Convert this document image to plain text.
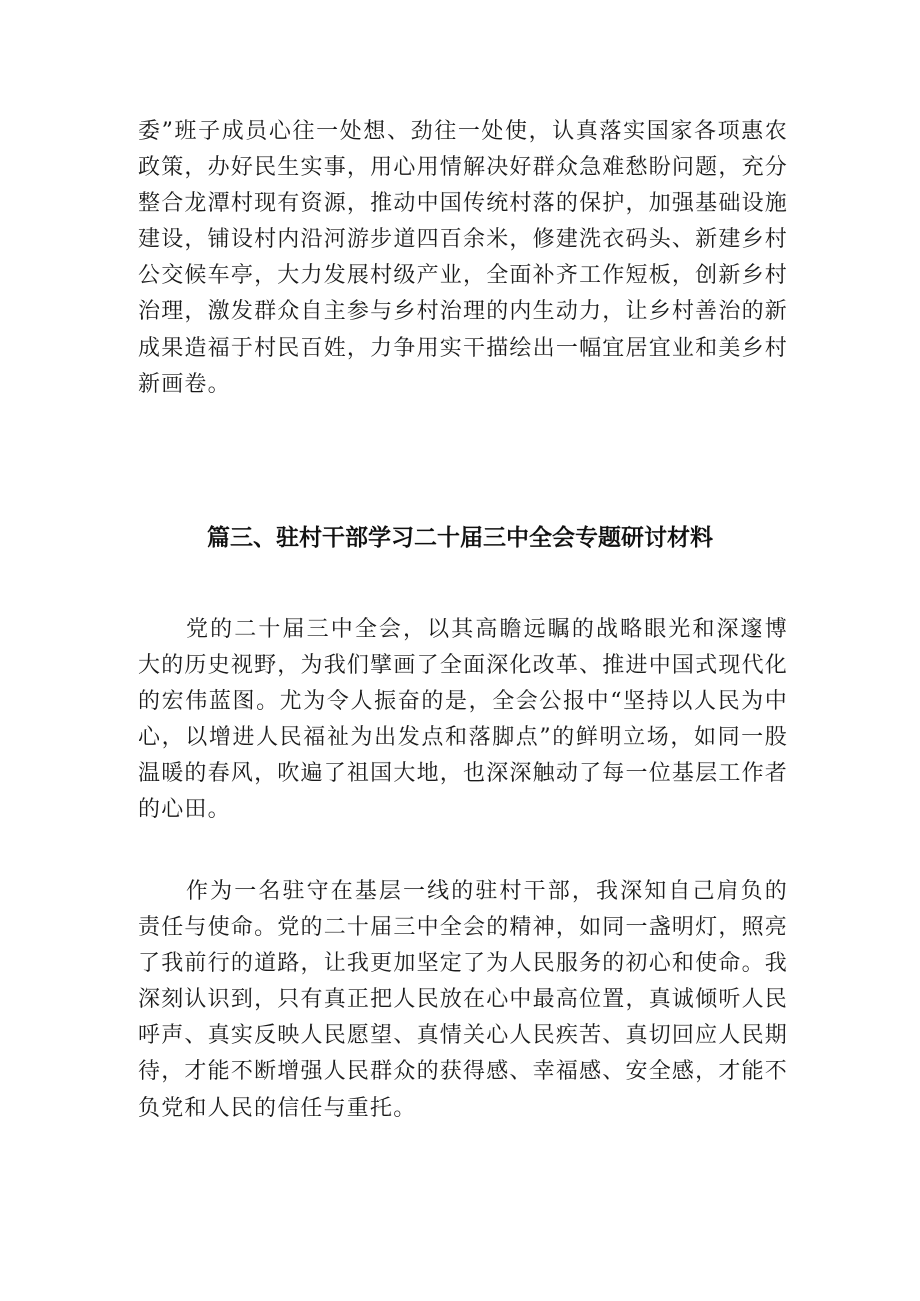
委”班子成员心往一处想、劲往一处使，认真落实国家各项惠农政策，办好民生实事，用心用情解决好群众急难愁盼问题，充分整合龙潭村现有资源，推动中国传统村落的保护，加强基础设施建设，铺设村内沿河游步道四百余米，修建洗衣码头、新建乡村公交候车亭，大力发展村级产业，全面补齐工作短板，创新乡村治理，激发群众自主参与乡村治理的内生动力，让乡村善治的新成果造福于村民百姓，力争用实干描绘出一幅宜居宜业和美乡村新画卷。

篇三、驻村干部学习二十届三中全会专题研讨材料

党的二十届三中全会，以其高瞻远瞩的战略眼光和深邃博大的历史视野，为我们擘画了全面深化改革、推进中国式现代化的宏伟蓝图。尤为令人振奋的是，全会公报中“坚持以人民为中心，以增进人民福祉为出发点和落脚点”的鲜明立场，如同一股温暖的春风，吹遍了祖国大地，也深深触动了每一位基层工作者的心田。

作为一名驻守在基层一线的驻村干部，我深知自己肩负的责任与使命。党的二十届三中全会的精神，如同一盏明灯，照亮了我前行的道路，让我更加坚定了为人民服务的初心和使命。我深刻认识到，只有真正把人民放在心中最高位置，真诚倾听人民呼声、真实反映人民愿望、真情关心人民疾苦、真切回应人民期待，才能不断增强人民群众的获得感、幸福感、安全感，才能不负党和人民的信任与重托。
